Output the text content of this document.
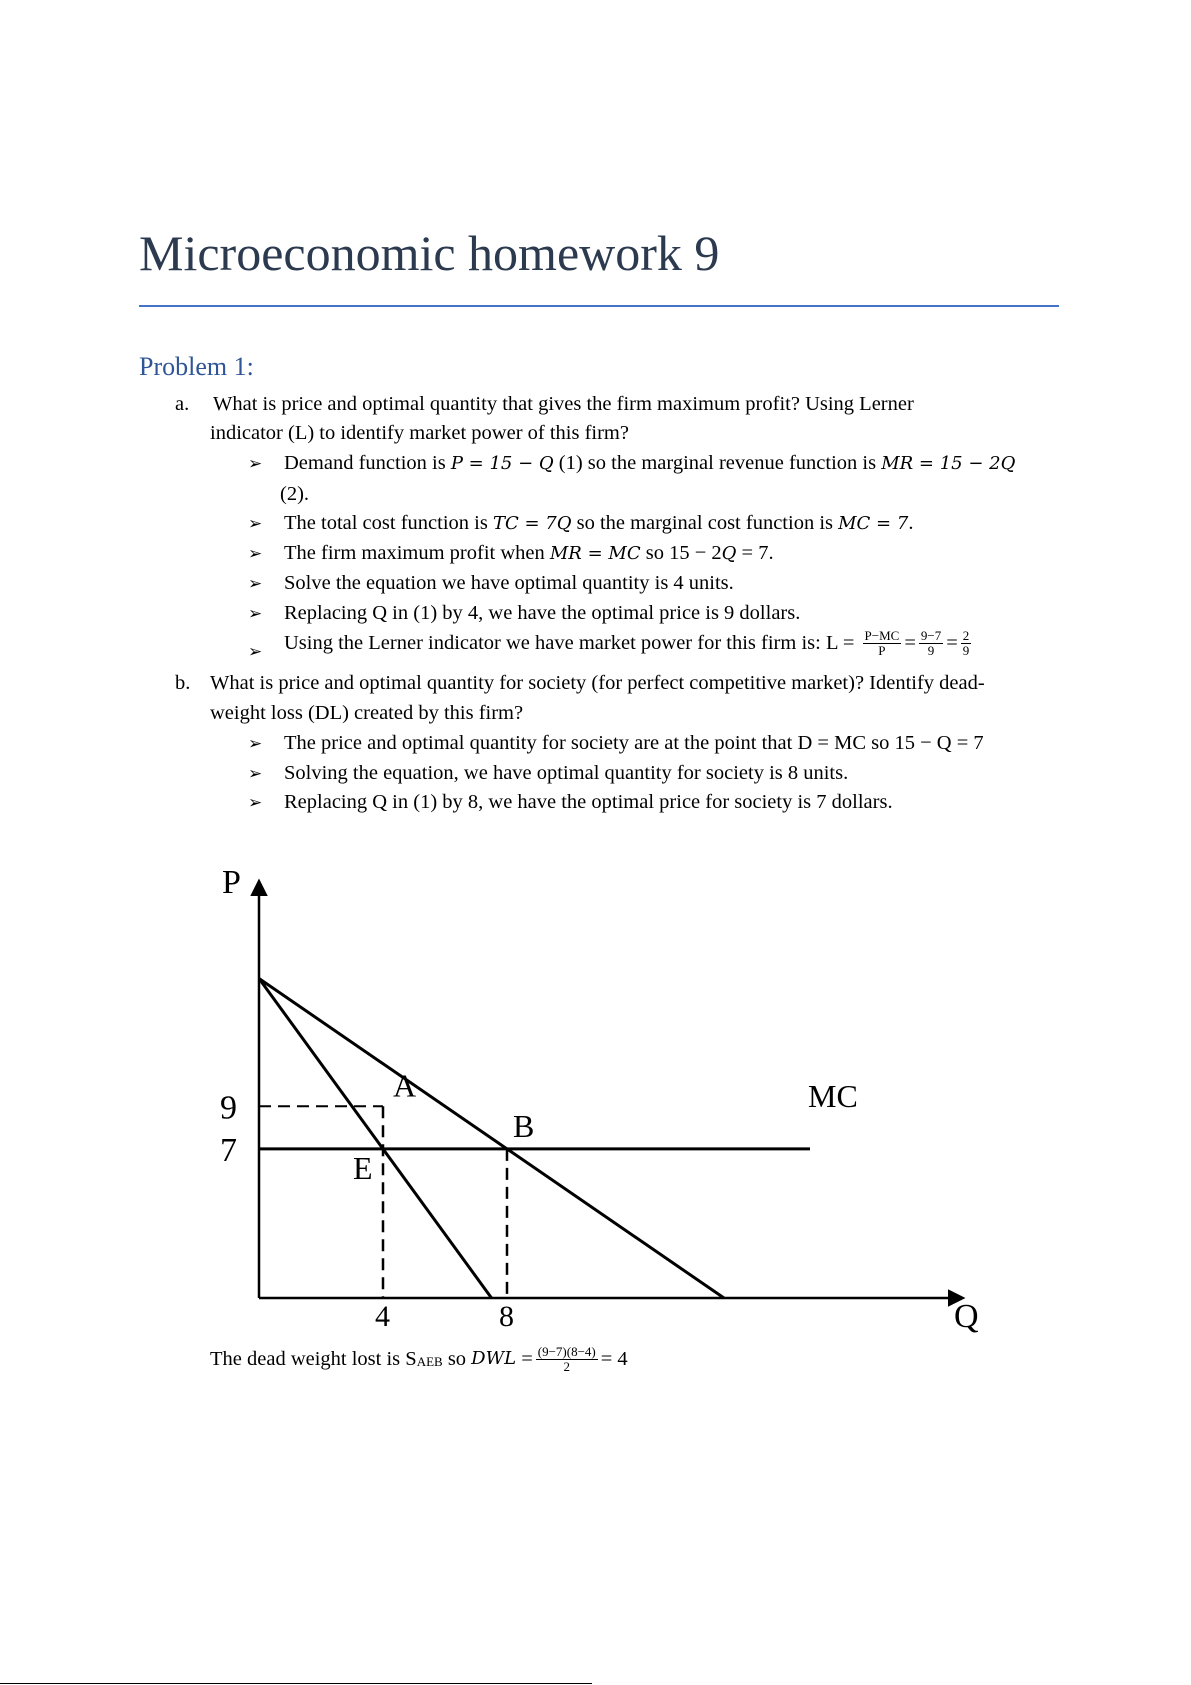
Microeconomic homework 9
Problem 1:
a. What is price and optimal quantity that gives the firm maximum profit? Using Lerner
indicator (L) to identify market power of this firm?
➢ Demand function is P = 15 − Q (1) so the marginal revenue function is MR = 15 − 2Q
(2).
➢ The total cost function is TC = 7Q so the marginal cost function is MC = 7.
➢ The firm maximum profit when MR = MC so 15 − 2Q = 7.
➢ Solve the equation we have optimal quantity is 4 units.
➢ Replacing Q in (1) by 4, we have the optimal price is 9 dollars.
➢ Using the Lerner indicator we have market power for this firm is: $L = \frac{P-MC}{P} = \frac{9-7}{9} = \frac{2}{9}$
b. What is price and optimal quantity for society (for perfect competitive market)? Identify dead-
weight loss (DL) created by this firm?
➢ The price and optimal quantity for society are at the point that D = MC so 15 − Q = 7
➢ Solving the equation, we have optimal quantity for society is 8 units.
➢ Replacing Q in (1) by 8, we have the optimal price for society is 7 dollars.
P
Q
9
7
4	8
A
B
E
MC
The dead weight lost is $S_{AEB}$ so DWL = $\frac{(9-7)(8-4)}{2} = 4$
